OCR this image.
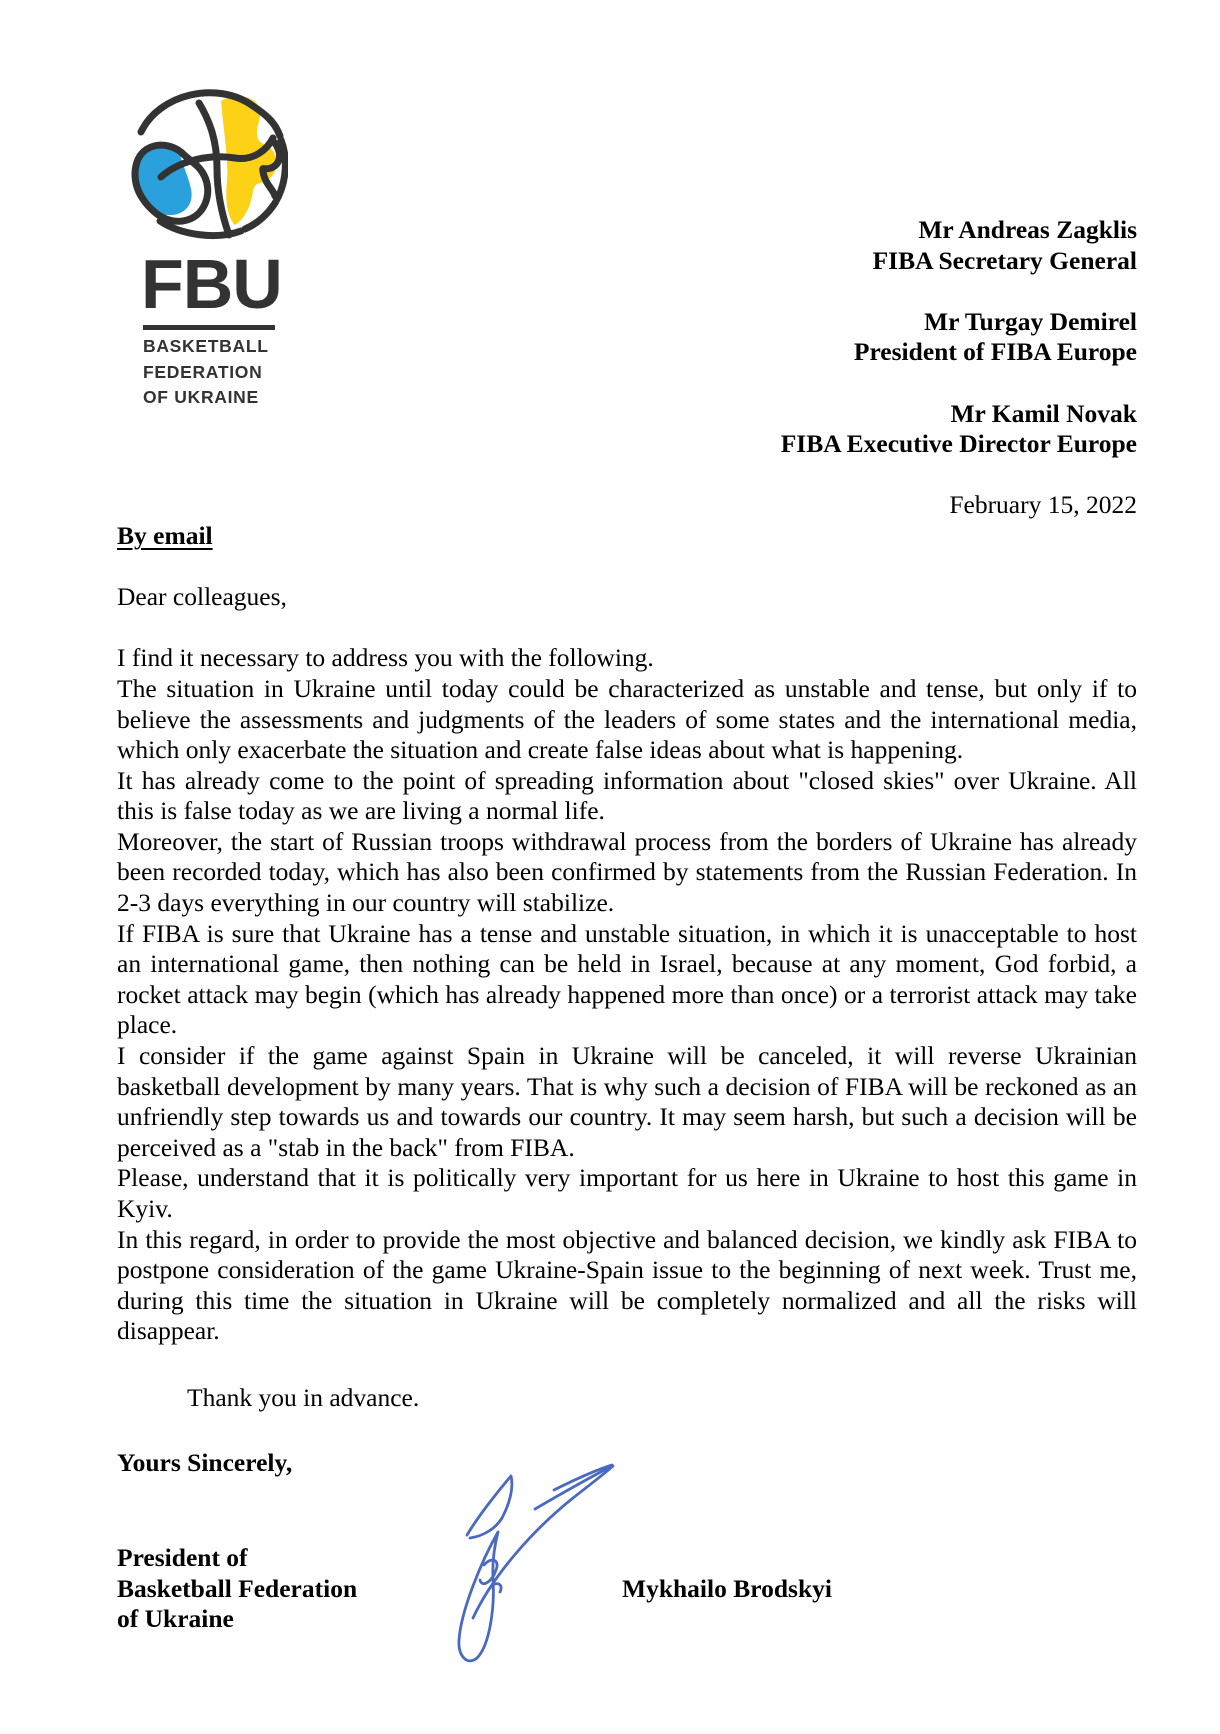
FBU
BASKETBALL
FEDERATION
OF UKRAINE
Mr Andreas Zagklis
FIBA Secretary General
Mr Turgay Demirel
President of FIBA Europe
Mr Kamil Novak
FIBA Executive Director Europe
February 15, 2022
By email
Dear colleagues,

I find it necessary to address you with the following.

The situation in Ukraine until today could be characterized as unstable and tense, but only if to believe the assessments and judgments of the leaders of some states and the international media, which only exacerbate the situation and create false ideas about what is happening.

It has already come to the point of spreading information about "closed skies" over Ukraine. All this is false today as we are living a normal life.

Moreover, the start of Russian troops withdrawal process from the borders of Ukraine has already been recorded today, which has also been confirmed by statements from the Russian Federation. In 2-3 days everything in our country will stabilize.

If FIBA is sure that Ukraine has a tense and unstable situation, in which it is unacceptable to host an international game, then nothing can be held in Israel, because at any moment, God forbid, a rocket attack may begin (which has already happened more than once) or a terrorist attack may take place.

I consider if the game against Spain in Ukraine will be canceled, it will reverse Ukrainian basketball development by many years. That is why such a decision of FIBA will be reckoned as an unfriendly step towards us and towards our country. It may seem harsh, but such a decision will be perceived as a "stab in the back" from FIBA.

Please, understand that it is politically very important for us here in Ukraine to host this game in Kyiv.

In this regard, in order to provide the most objective and balanced decision, we kindly ask FIBA to postpone consideration of the game Ukraine-Spain issue to the beginning of next week. Trust me, during this time the situation in Ukraine will be completely normalized and all the risks will disappear.

Thank you in advance.
Yours Sincerely,
President of
Basketball Federation
of Ukraine
Mykhailo Brodskyi
